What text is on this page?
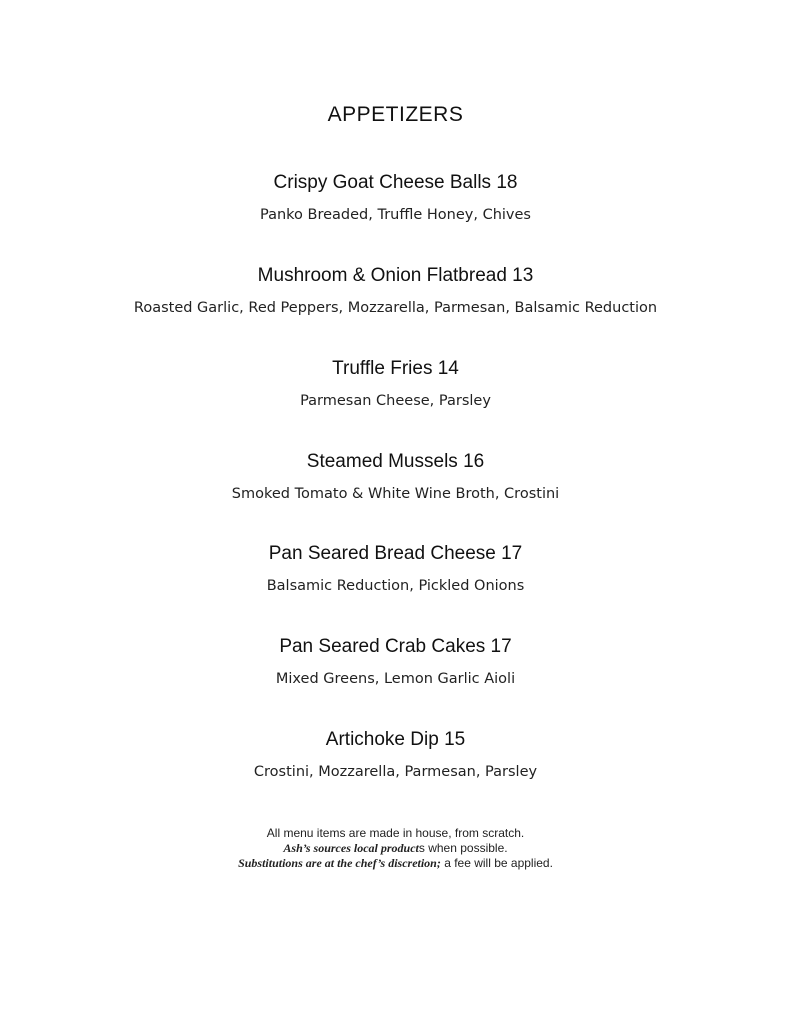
APPETIZERS
Crispy Goat Cheese Balls 18
Panko Breaded, Truffle Honey, Chives
Mushroom & Onion Flatbread 13
Roasted Garlic, Red Peppers, Mozzarella, Parmesan, Balsamic Reduction
Truffle Fries 14
Parmesan Cheese, Parsley
Steamed Mussels 16
Smoked Tomato & White Wine Broth, Crostini
Pan Seared Bread Cheese 17
Balsamic Reduction, Pickled Onions
Pan Seared Crab Cakes 17
Mixed Greens, Lemon Garlic Aioli
Artichoke Dip 15
Crostini, Mozzarella, Parmesan, Parsley
All menu items are made in house, from scratch.
Ash’s sources local products when possible.
Substitutions are at the chef’s discretion; a fee will be applied.
